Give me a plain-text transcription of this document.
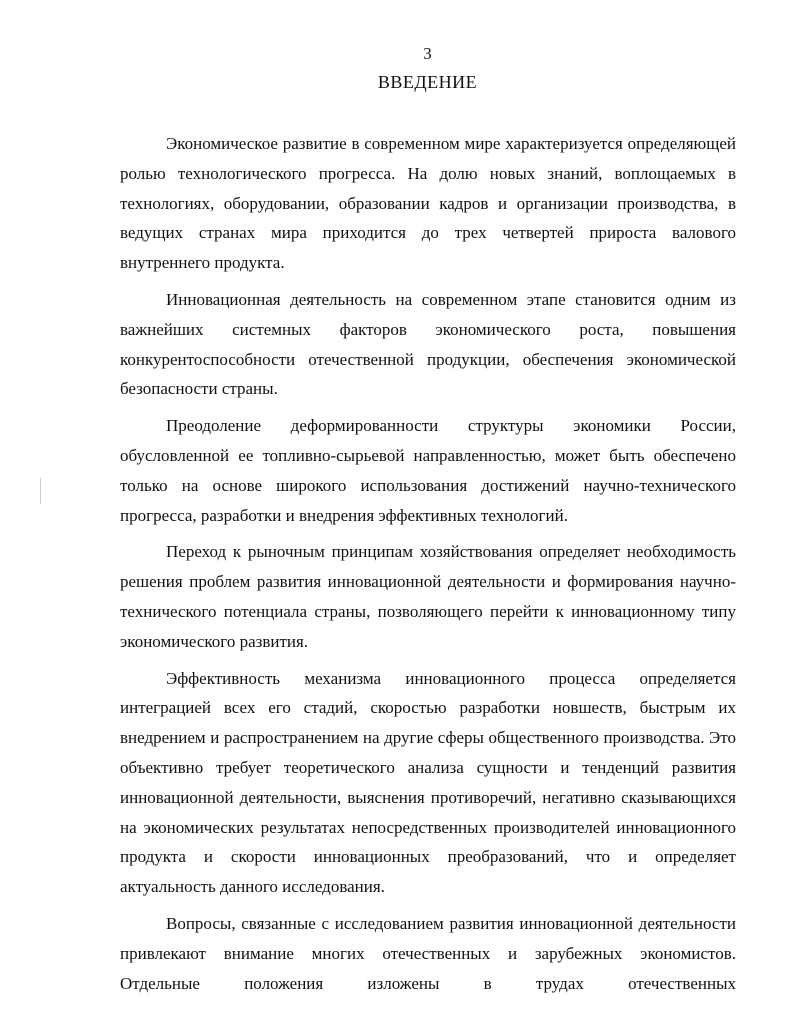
3
ВВЕДЕНИЕ

Экономическое развитие в современном мире характеризуется определяющей ролью технологического прогресса. На долю новых знаний, воплощаемых в технологиях, оборудовании, образовании кадров и организации производства, в ведущих странах мира приходится до трех четвертей прироста валового внутреннего продукта.

Инновационная деятельность на современном этапе становится одним из важнейших системных факторов экономического роста, повышения конкурентоспособности отечественной продукции, обеспечения экономической безопасности страны.

Преодоление деформированности структуры экономики России, обусловленной ее топливно-сырьевой направленностью, может быть обеспечено только на основе широкого использования достижений научно-технического прогресса, разработки и внедрения эффективных технологий.

Переход к рыночным принципам хозяйствования определяет необходимость решения проблем развития инновационной деятельности и формирования научно-технического потенциала страны, позволяющего перейти к инновационному типу экономического развития.

Эффективность механизма инновационного процесса определяется интеграцией всех его стадий, скоростью разработки новшеств, быстрым их внедрением и распространением на другие сферы общественного производства. Это объективно требует теоретического анализа сущности и тенденций развития инновационной деятельности, выяснения противоречий, негативно сказывающихся на экономических результатах непосредственных производителей инновационного продукта и скорости инновационных преобразований, что и определяет актуальность данного исследования.

Вопросы, связанные с исследованием развития инновационной деятельности привлекают внимание многих отечественных и зарубежных экономистов. Отдельные положения изложены в трудах отечественных
